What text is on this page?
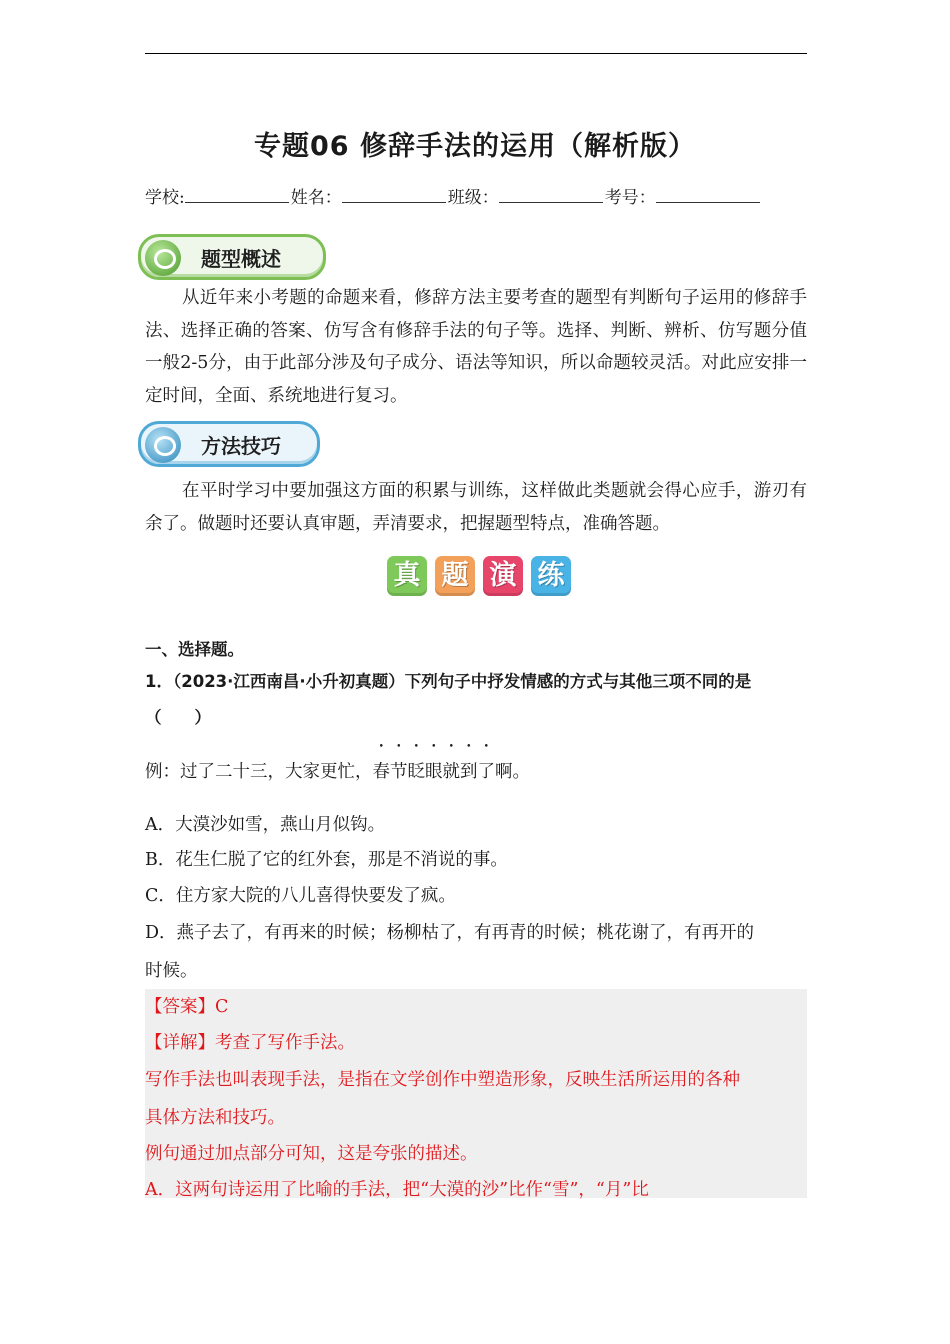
专题06 修辞手法的运用（解析版）
学校:	姓名：	班级：	考号：
题型概述
从近年来小考题的命题来看，修辞方法主要考查的题型有判断句子运用的修辞手法、选择正确的答案、仿写含有修辞手法的句子等。选择、判断、辨析、仿写题分值一般2-5分，由于此部分涉及句子成分、语法等知识，所以命题较灵活。对此应安排一定时间，全面、系统地进行复习。
方法技巧
在平时学习中要加强这方面的积累与训练，这样做此类题就会得心应手，游刃有余了。做题时还要认真审题，弄清要求，把握题型特点，准确答题。
真 题 演 练
一、选择题。
1．（2023·江西南昌·小升初真题）下列句子中抒发情感的方式与其他三项不同的是（　　）
例：过了二十三，大家更忙，春节眨眼就到了啊。
A．大漠沙如雪，燕山月似钩。
B．花生仁脱了它的红外套，那是不消说的事。
C．住方家大院的八儿喜得快要发了疯。
D．燕子去了，有再来的时候；杨柳枯了，有再青的时候；桃花谢了，有再开的
时候。
【答案】C
【详解】考查了写作手法。
写作手法也叫表现手法，是指在文学创作中塑造形象，反映生活所运用的各种
具体方法和技巧。
例句通过加点部分可知，这是夸张的描述。
A．这两句诗运用了比喻的手法，把“大漠的沙”比作“雪”，“月”比
